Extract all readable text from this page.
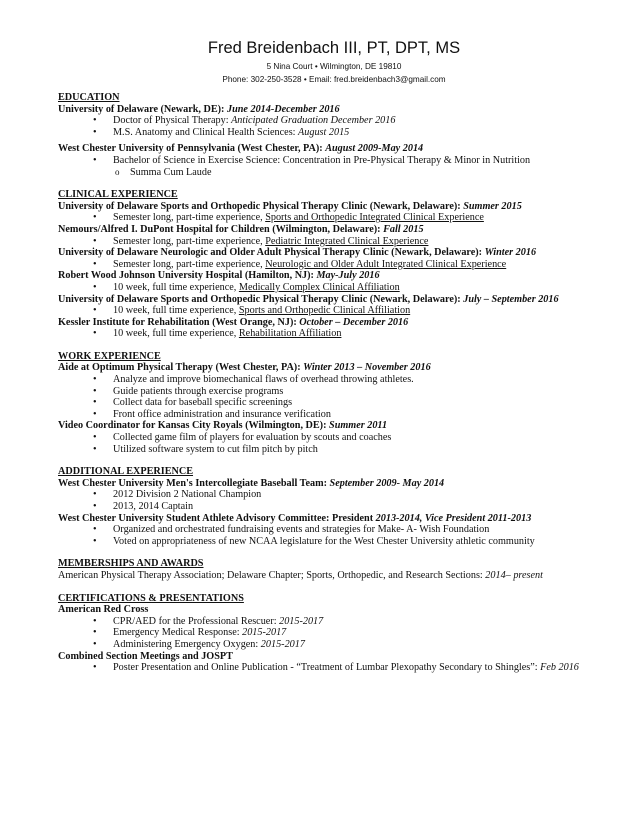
Fred Breidenbach III, PT, DPT, MS
5 Nina Court • Wilmington, DE 19810
Phone: 302-250-3528 • Email: fred.breidenbach3@gmail.com
EDUCATION
University of Delaware (Newark, DE): June 2014-December 2016
• Doctor of Physical Therapy: Anticipated Graduation December 2016
• M.S. Anatomy and Clinical Health Sciences: August 2015
West Chester University of Pennsylvania (West Chester, PA): August 2009-May 2014
• Bachelor of Science in Exercise Science: Concentration in Pre-Physical Therapy & Minor in Nutrition
o Summa Cum Laude
CLINICAL EXPERIENCE
University of Delaware Sports and Orthopedic Physical Therapy Clinic (Newark, Delaware): Summer 2015
• Semester long, part-time experience, Sports and Orthopedic Integrated Clinical Experience
Nemours/Alfred I. DuPont Hospital for Children (Wilmington, Delaware): Fall 2015
• Semester long, part-time experience, Pediatric Integrated Clinical Experience
University of Delaware Neurologic and Older Adult Physical Therapy Clinic (Newark, Delaware): Winter 2016
• Semester long, part-time experience, Neurologic and Older Adult Integrated Clinical Experience
Robert Wood Johnson University Hospital (Hamilton, NJ): May-July 2016
• 10 week, full time experience, Medically Complex Clinical Affiliation
University of Delaware Sports and Orthopedic Physical Therapy Clinic (Newark, Delaware): July – September 2016
• 10 week, full time experience, Sports and Orthopedic Clinical Affiliation
Kessler Institute for Rehabilitation (West Orange, NJ): October – December 2016
• 10 week, full time experience, Rehabilitation Affiliation
WORK EXPERIENCE
Aide at Optimum Physical Therapy (West Chester, PA): Winter 2013 – November 2016
• Analyze and improve biomechanical flaws of overhead throwing athletes.
• Guide patients through exercise programs
• Collect data for baseball specific screenings
• Front office administration and insurance verification
Video Coordinator for Kansas City Royals (Wilmington, DE): Summer 2011
• Collected game film of players for evaluation by scouts and coaches
• Utilized software system to cut film pitch by pitch
ADDITIONAL EXPERIENCE
West Chester University Men's Intercollegiate Baseball Team: September 2009- May 2014
• 2012 Division 2 National Champion
• 2013, 2014 Captain
West Chester University Student Athlete Advisory Committee: President 2013-2014, Vice President 2011-2013
• Organized and orchestrated fundraising events and strategies for Make- A- Wish Foundation
• Voted on appropriateness of new NCAA legislature for the West Chester University athletic community
MEMBERSHIPS AND AWARDS
American Physical Therapy Association; Delaware Chapter; Sports, Orthopedic, and Research Sections: 2014– present
CERTIFICATIONS & PRESENTATIONS
American Red Cross
• CPR/AED for the Professional Rescuer: 2015-2017
• Emergency Medical Response: 2015-2017
• Administering Emergency Oxygen: 2015-2017
Combined Section Meetings and JOSPT
• Poster Presentation and Online Publication - “Treatment of Lumbar Plexopathy Secondary to Shingles”: Feb 2016
